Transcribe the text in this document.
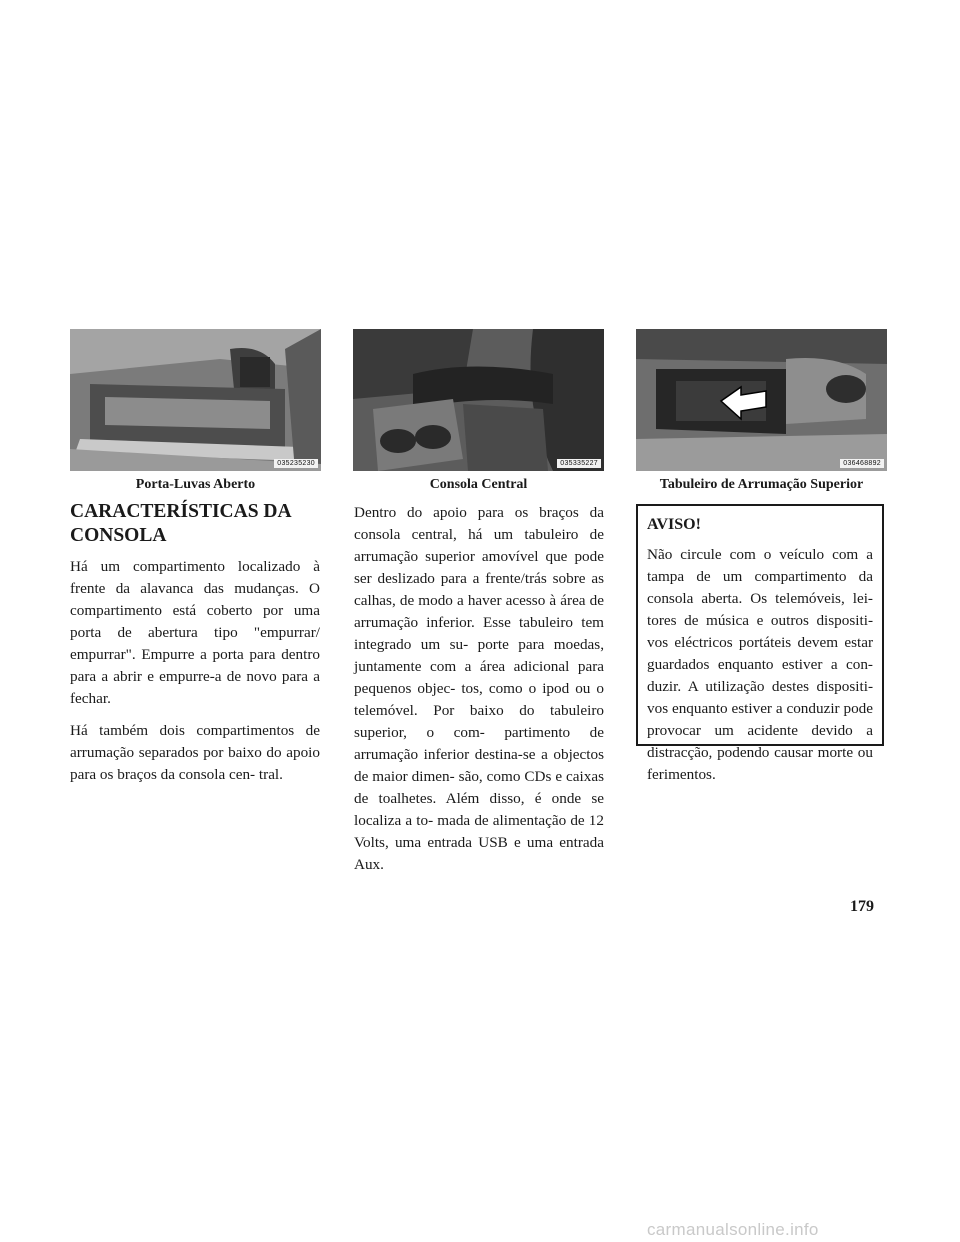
035235230
Porta-Luvas Aberto
035335227
Consola Central
036468892
Tabuleiro de Arrumação Superior
CARACTERÍSTICAS DA CONSOLA

Há um compartimento localizado à frente da alavanca das mudanças. O compartimento está coberto por uma porta de abertura tipo "empurrar/ empurrar". Empurre a porta para dentro para a abrir e empurre-a de novo para a fechar.

Há também dois compartimentos de arrumação separados por baixo do apoio para os braços da consola cen- tral.

Dentro do apoio para os braços da consola central, há um tabuleiro de arrumação superior amovível que pode ser deslizado para a frente/trás sobre as calhas, de modo a haver acesso à área de arrumação inferior. Esse tabuleiro tem integrado um su- porte para moedas, juntamente com a área adicional para pequenos objec- tos, como o ipod ou o telemóvel. Por baixo do tabuleiro superior, o com- partimento de arrumação inferior destina-se a objectos de maior dimen- são, como CDs e caixas de toalhetes. Além disso, é onde se localiza a to- mada de alimentação de 12 Volts, uma entrada USB e uma entrada Aux.

AVISO!

Não circule com o veículo com a tampa de um compartimento da consola aberta. Os telemóveis, lei- tores de música e outros dispositi- vos eléctricos portáteis devem estar guardados enquanto estiver a con- duzir. A utilização destes dispositi- vos enquanto estiver a conduzir pode provocar um acidente devido a distracção, podendo causar morte ou ferimentos.

179
carmanualsonline.info
